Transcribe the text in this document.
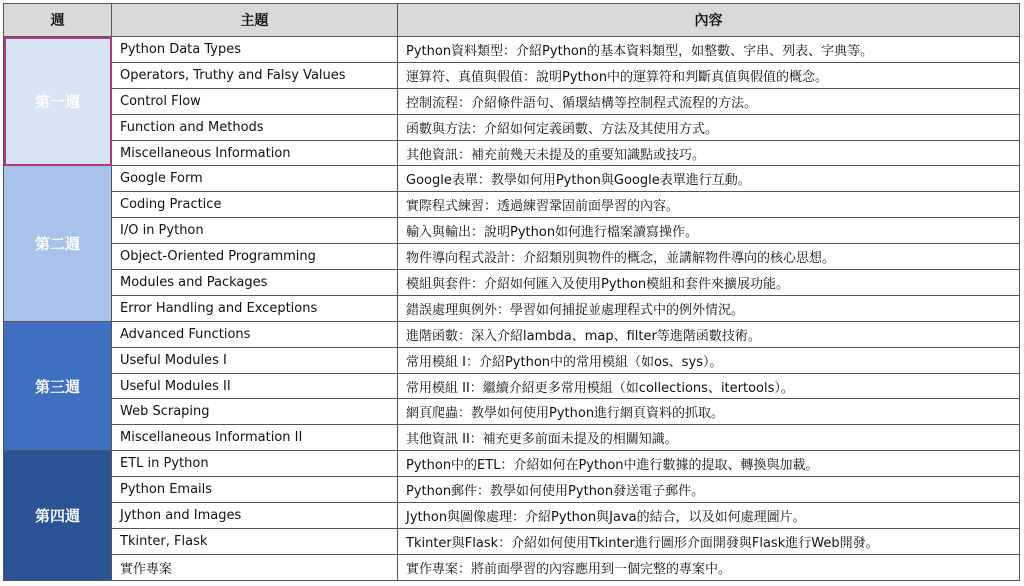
週	主題	內容
第一週	Python Data Types	Python資料類型：介紹Python的基本資料類型，如整數、字串、列表、字典等。
	Operators, Truthy and Falsy Values	運算符、真值與假值：說明Python中的運算符和判斷真值與假值的概念。
	Control Flow	控制流程：介紹條件語句、循環結構等控制程式流程的方法。
	Function and Methods	函數與方法：介紹如何定義函數、方法及其使用方式。
	Miscellaneous Information	其他資訊：補充前幾天未提及的重要知識點或技巧。
第二週	Google Form	Google表單：教學如何用Python與Google表單進行互動。
	Coding Practice	實際程式練習：透過練習鞏固前面學習的內容。
	I/O in Python	輸入與輸出：說明Python如何進行檔案讀寫操作。
	Object-Oriented Programming	物件導向程式設計：介紹類別與物件的概念，並講解物件導向的核心思想。
	Modules and Packages	模組與套件：介紹如何匯入及使用Python模組和套件來擴展功能。
	Error Handling and Exceptions	錯誤處理與例外：學習如何捕捉並處理程式中的例外情況。
第三週	Advanced Functions	進階函數：深入介紹lambda、map、filter等進階函數技術。
	Useful Modules I	常用模組 I：介紹Python中的常用模組（如os、sys）。
	Useful Modules II	常用模組 II：繼續介紹更多常用模組（如collections、itertools）。
	Web Scraping	網頁爬蟲：教學如何使用Python進行網頁資料的抓取。
	Miscellaneous Information II	其他資訊 II：補充更多前面未提及的相關知識。
第四週	ETL in Python	Python中的ETL：介紹如何在Python中進行數據的提取、轉換與加載。
	Python Emails	Python郵件：教學如何使用Python發送電子郵件。
	Jython and Images	Jython與圖像處理：介紹Python與Java的結合，以及如何處理圖片。
	Tkinter, Flask	Tkinter與Flask：介紹如何使用Tkinter進行圖形介面開發與Flask進行Web開發。
	實作專案	實作專案：將前面學習的內容應用到一個完整的專案中。
